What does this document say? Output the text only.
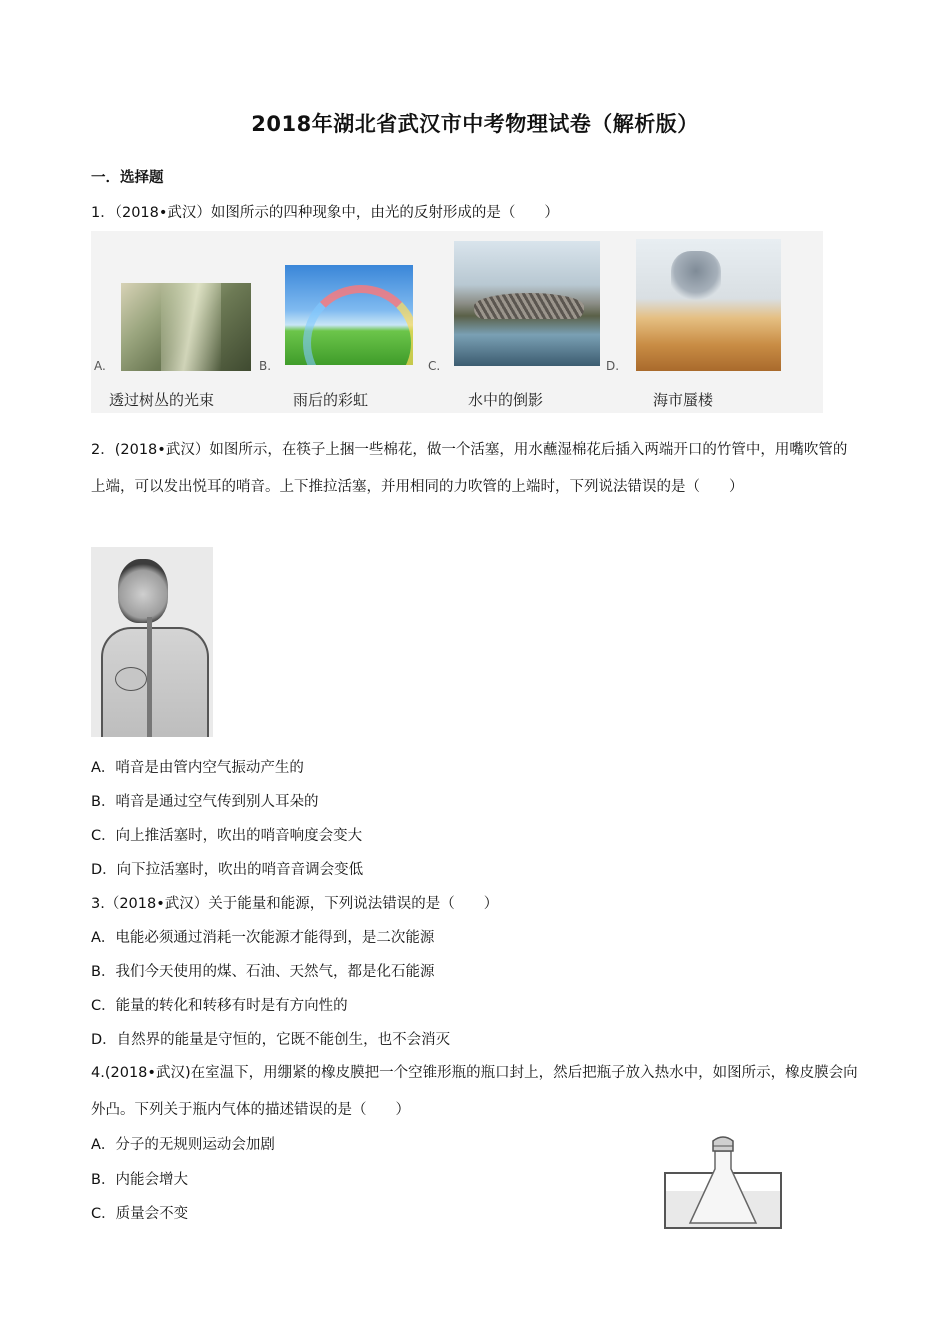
2018年湖北省武汉市中考物理试卷（解析版）
一．选择题
1．（2018•武汉）如图所示的四种现象中，由光的反射形成的是（　　）
A.	B.	C.	D.
透过树丛的光束	雨后的彩虹	水中的倒影	海市蜃楼
2．(2018•武汉）如图所示，在筷子上捆一些棉花，做一个活塞，用水蘸湿棉花后插入两端开口的竹管中，用嘴吹管的上端，可以发出悦耳的哨音。上下推拉活塞，并用相同的力吹管的上端时，下列说法错误的是（　　）
A．哨音是由管内空气振动产生的
B．哨音是通过空气传到别人耳朵的
C．向上推活塞时，吹出的哨音响度会变大
D．向下拉活塞时，吹出的哨音音调会变低
3.（2018•武汉）关于能量和能源，下列说法错误的是（　　）
A．电能必须通过消耗一次能源才能得到，是二次能源
B．我们今天使用的煤、石油、天然气，都是化石能源
C．能量的转化和转移有时是有方向性的
D．自然界的能量是守恒的，它既不能创生，也不会消灭
4.(2018•武汉)在室温下，用绷紧的橡皮膜把一个空锥形瓶的瓶口封上，然后把瓶子放入热水中，如图所示，橡皮膜会向外凸。下列关于瓶内气体的描述错误的是（　　）
A．分子的无规则运动会加剧
B．内能会增大
C．质量会不变
